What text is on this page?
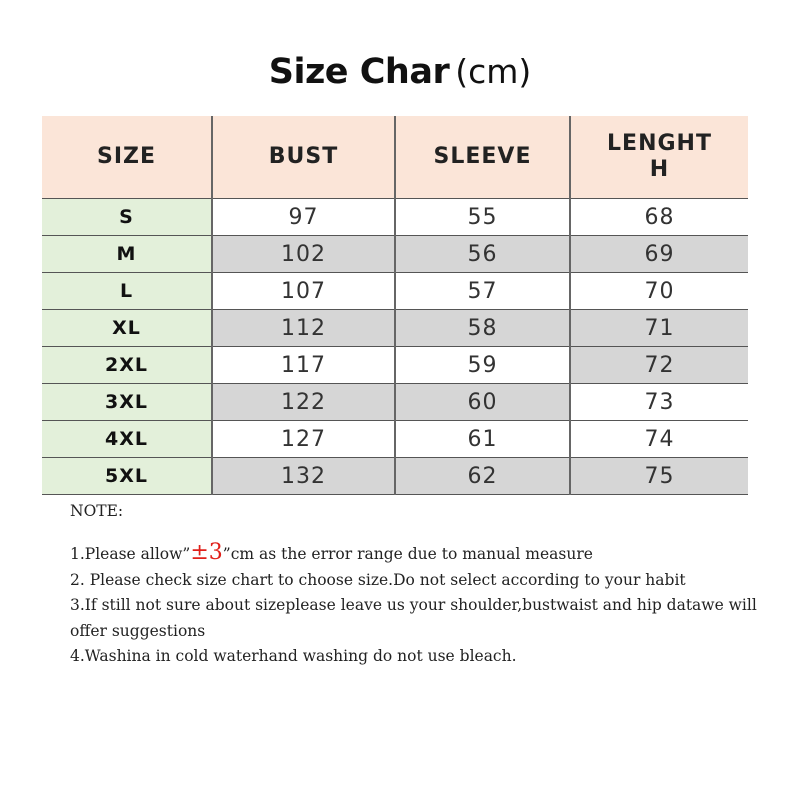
Size Char (cm)
SIZE	BUST	SLEEVE	LENGHTH
S	97	55	68
M	102	56	69
L	107	57	70
XL	112	58	71
2XL	117	59	72
3XL	122	60	73
4XL	127	61	74
5XL	132	62	75
NOTE:

1.Please allow”±3”cm as the error range due to manual measure

2. Please check size chart to choose size.Do not select according to your habit

3.If still not sure about sizeplease leave us your shoulder,bustwaist and hip datawe will offer suggestions

4.Washina in cold waterhand washing do not use bleach.
